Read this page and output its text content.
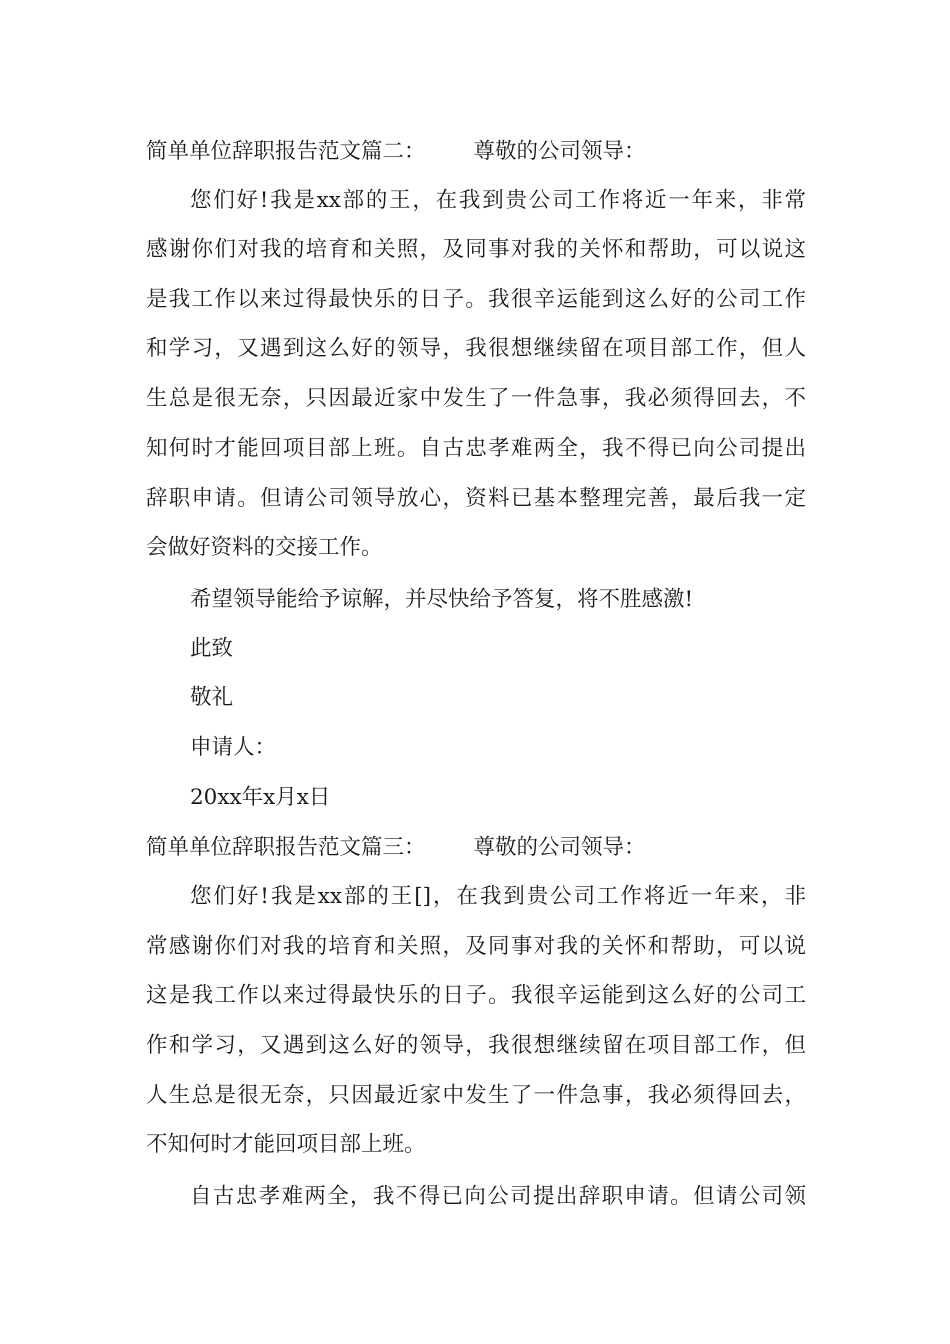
简单单位辞职报告范文篇二： 尊敬的公司领导：
您们好!我是xx部的王，在我到贵公司工作将近一年来，非常
感谢你们对我的培育和关照，及同事对我的关怀和帮助，可以说这
是我工作以来过得最快乐的日子。我很辛运能到这么好的公司工作
和学习，又遇到这么好的领导，我很想继续留在项目部工作，但人
生总是很无奈，只因最近家中发生了一件急事，我必须得回去，不
知何时才能回项目部上班。自古忠孝难两全，我不得已向公司提出
辞职申请。但请公司领导放心，资料已基本整理完善，最后我一定
会做好资料的交接工作。
希望领导能给予谅解，并尽快给予答复，将不胜感激!
此致
敬礼
申请人：
20xx年x月x日
简单单位辞职报告范文篇三： 尊敬的公司领导：
您们好!我是xx部的王[]，在我到贵公司工作将近一年来，非
常感谢你们对我的培育和关照，及同事对我的关怀和帮助，可以说
这是我工作以来过得最快乐的日子。我很辛运能到这么好的公司工
作和学习，又遇到这么好的领导，我很想继续留在项目部工作，但
人生总是很无奈，只因最近家中发生了一件急事，我必须得回去，
不知何时才能回项目部上班。
自古忠孝难两全，我不得已向公司提出辞职申请。但请公司领
